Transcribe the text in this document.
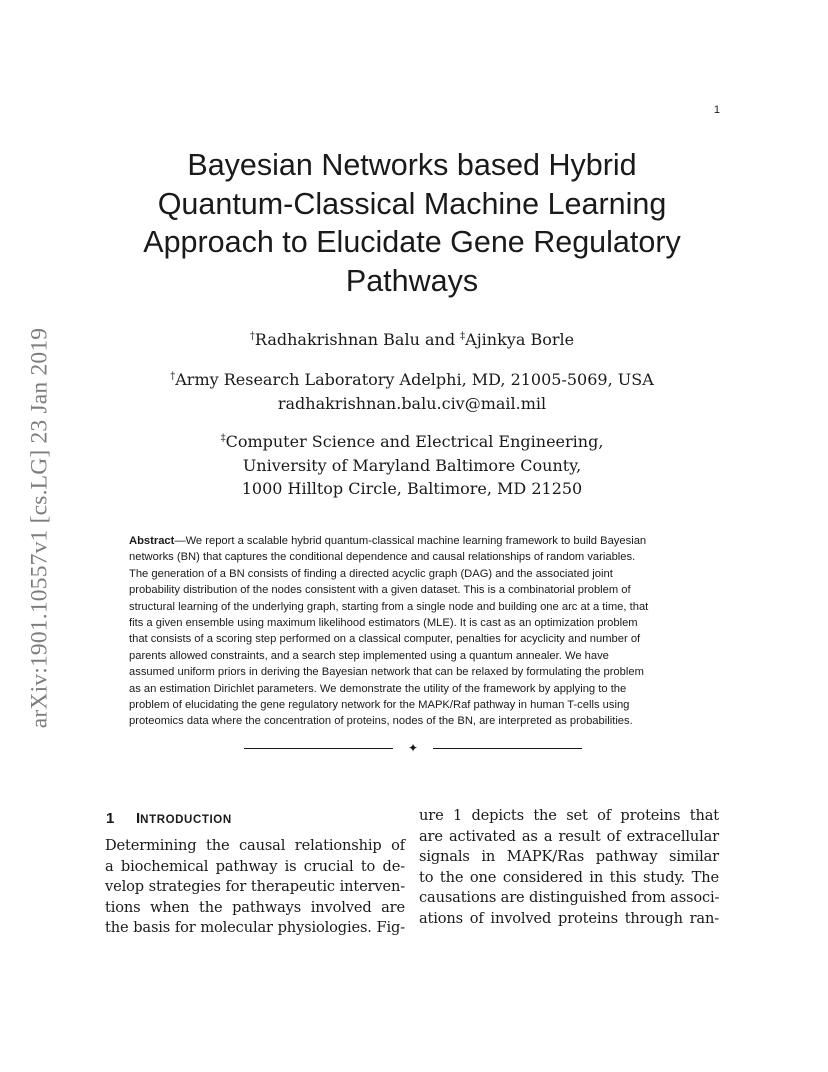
1
arXiv:1901.10557v1 [cs.LG] 23 Jan 2019
Bayesian Networks based Hybrid
Quantum-Classical Machine Learning
Approach to Elucidate Gene Regulatory
Pathways
†Radhakrishnan Balu and ‡Ajinkya Borle
†Army Research Laboratory Adelphi, MD, 21005-5069, USA
radhakrishnan.balu.civ@mail.mil
‡Computer Science and Electrical Engineering,
University of Maryland Baltimore County,
1000 Hilltop Circle, Baltimore, MD 21250
Abstract—We report a scalable hybrid quantum-classical machine learning framework to build Bayesian
networks (BN) that captures the conditional dependence and causal relationships of random variables.
The generation of a BN consists of finding a directed acyclic graph (DAG) and the associated joint
probability distribution of the nodes consistent with a given dataset. This is a combinatorial problem of
structural learning of the underlying graph, starting from a single node and building one arc at a time, that
fits a given ensemble using maximum likelihood estimators (MLE). It is cast as an optimization problem
that consists of a scoring step performed on a classical computer, penalties for acyclicity and number of
parents allowed constraints, and a search step implemented using a quantum annealer. We have
assumed uniform priors in deriving the Bayesian network that can be relaxed by formulating the problem
as an estimation Dirichlet parameters. We demonstrate the utility of the framework by applying to the
problem of elucidating the gene regulatory network for the MAPK/Raf pathway in human T-cells using
proteomics data where the concentration of proteins, nodes of the BN, are interpreted as probabilities.
✦
1 INTRODUCTION
Determining the causal relationship of
a biochemical pathway is crucial to de-
velop strategies for therapeutic interven-
tions when the pathways involved are
the basis for molecular physiologies. Fig-
ure 1 depicts the set of proteins that
are activated as a result of extracellular
signals in MAPK/Ras pathway similar
to the one considered in this study. The
causations are distinguished from associ-
ations of involved proteins through ran-
